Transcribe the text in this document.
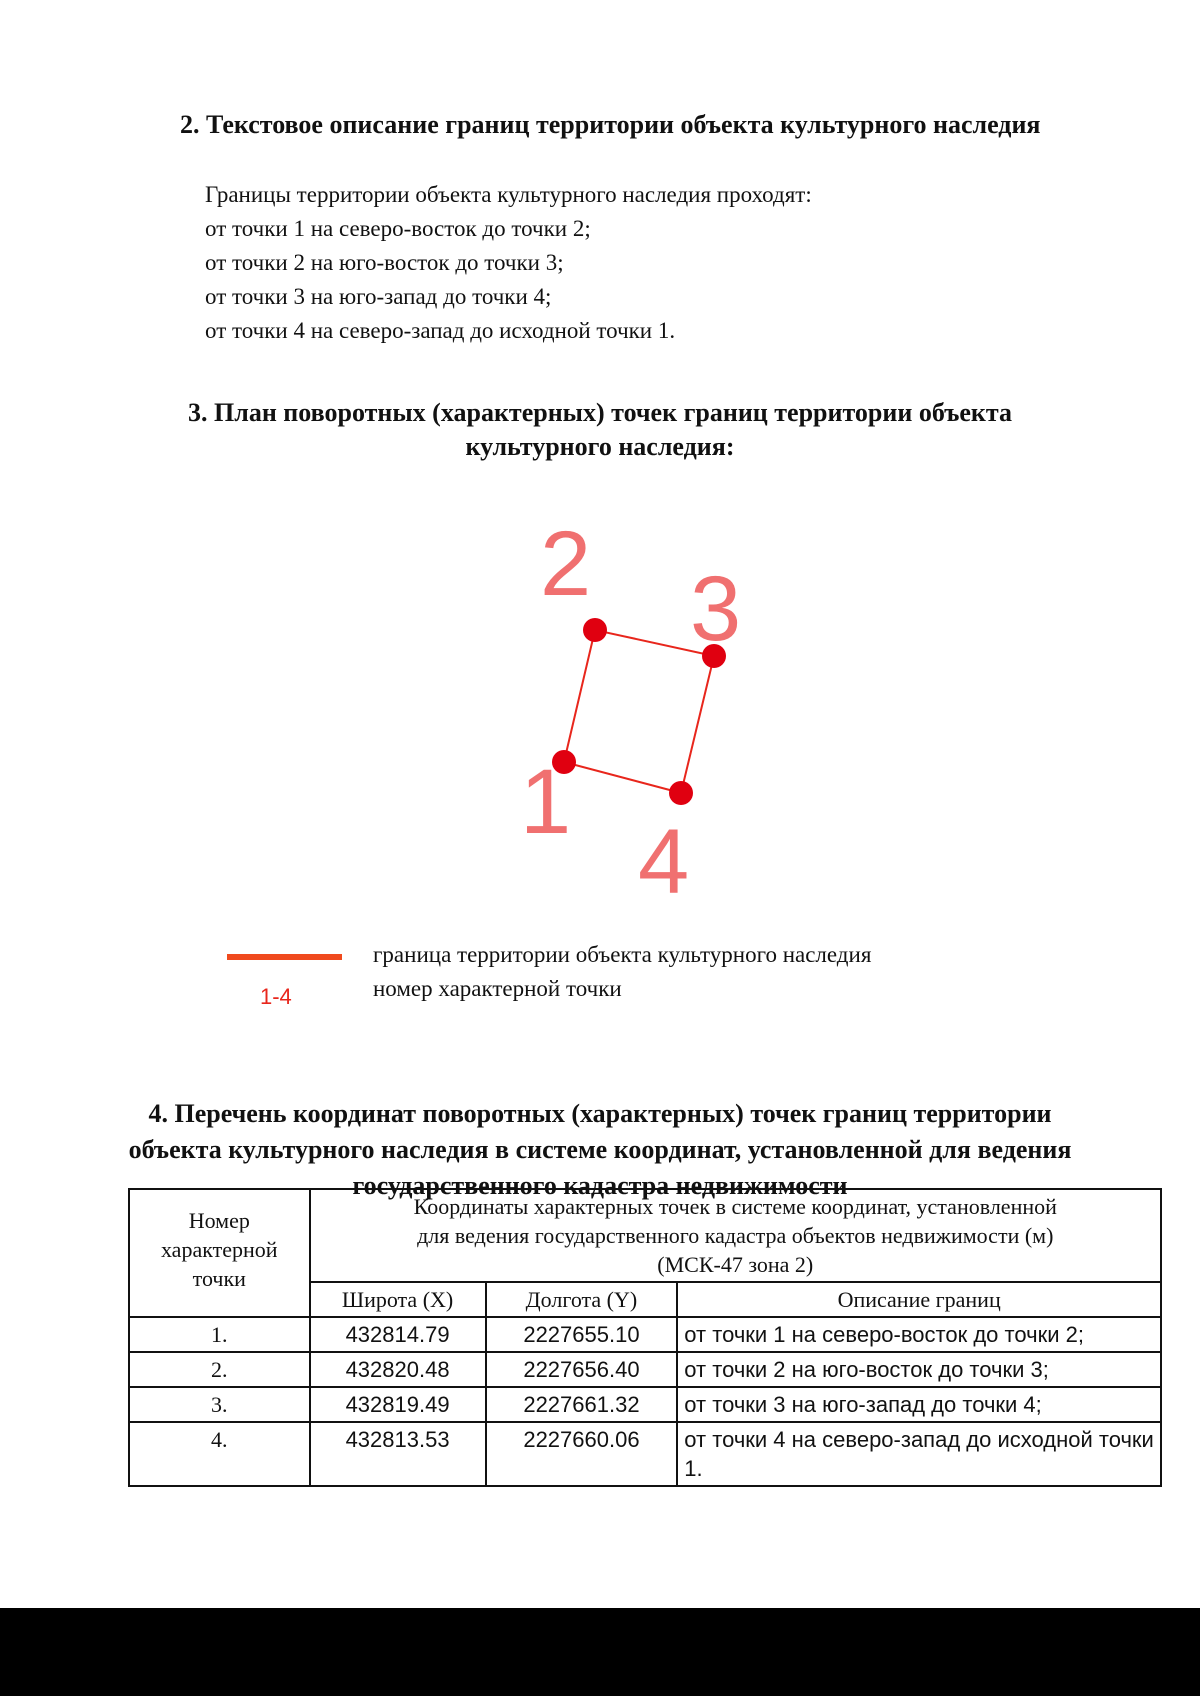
2. Текстовое описание границ территории объекта культурного наследия
Границы территории объекта культурного наследия проходят:
от точки 1 на северо-восток до точки 2;
от точки 2 на юго-восток до точки 3;
от точки 3 на юго-запад до точки 4;
от точки 4 на северо-запад до исходной точки 1.
3. План поворотных (характерных) точек границ территории объекта
культурного наследия:
1
2 3
4
граница территории объекта культурного наследия
1-4	номер характерной точки
4. Перечень координат поворотных (характерных) точек границ территории
объекта культурного наследия в системе координат, установленной для ведения
государственного кадастра недвижимости
Номер характерной точки	Координаты характерных точек в системе координат, установленной
для ведения государственного кадастра объектов недвижимости (м)
(МСК-47 зона 2)		

	Широта (X)	Долгота (Y)	Описание границ
1.	432814.79	2227655.10	от точки 1 на северо-восток до точки 2;
2.	432820.48	2227656.40	от точки 2 на юго-восток до точки 3;
3.	432819.49	2227661.32	от точки 3 на юго-запад до точки 4;
4.	432813.53	2227660.06	от точки 4 на северо-запад до исходной точки 1.
